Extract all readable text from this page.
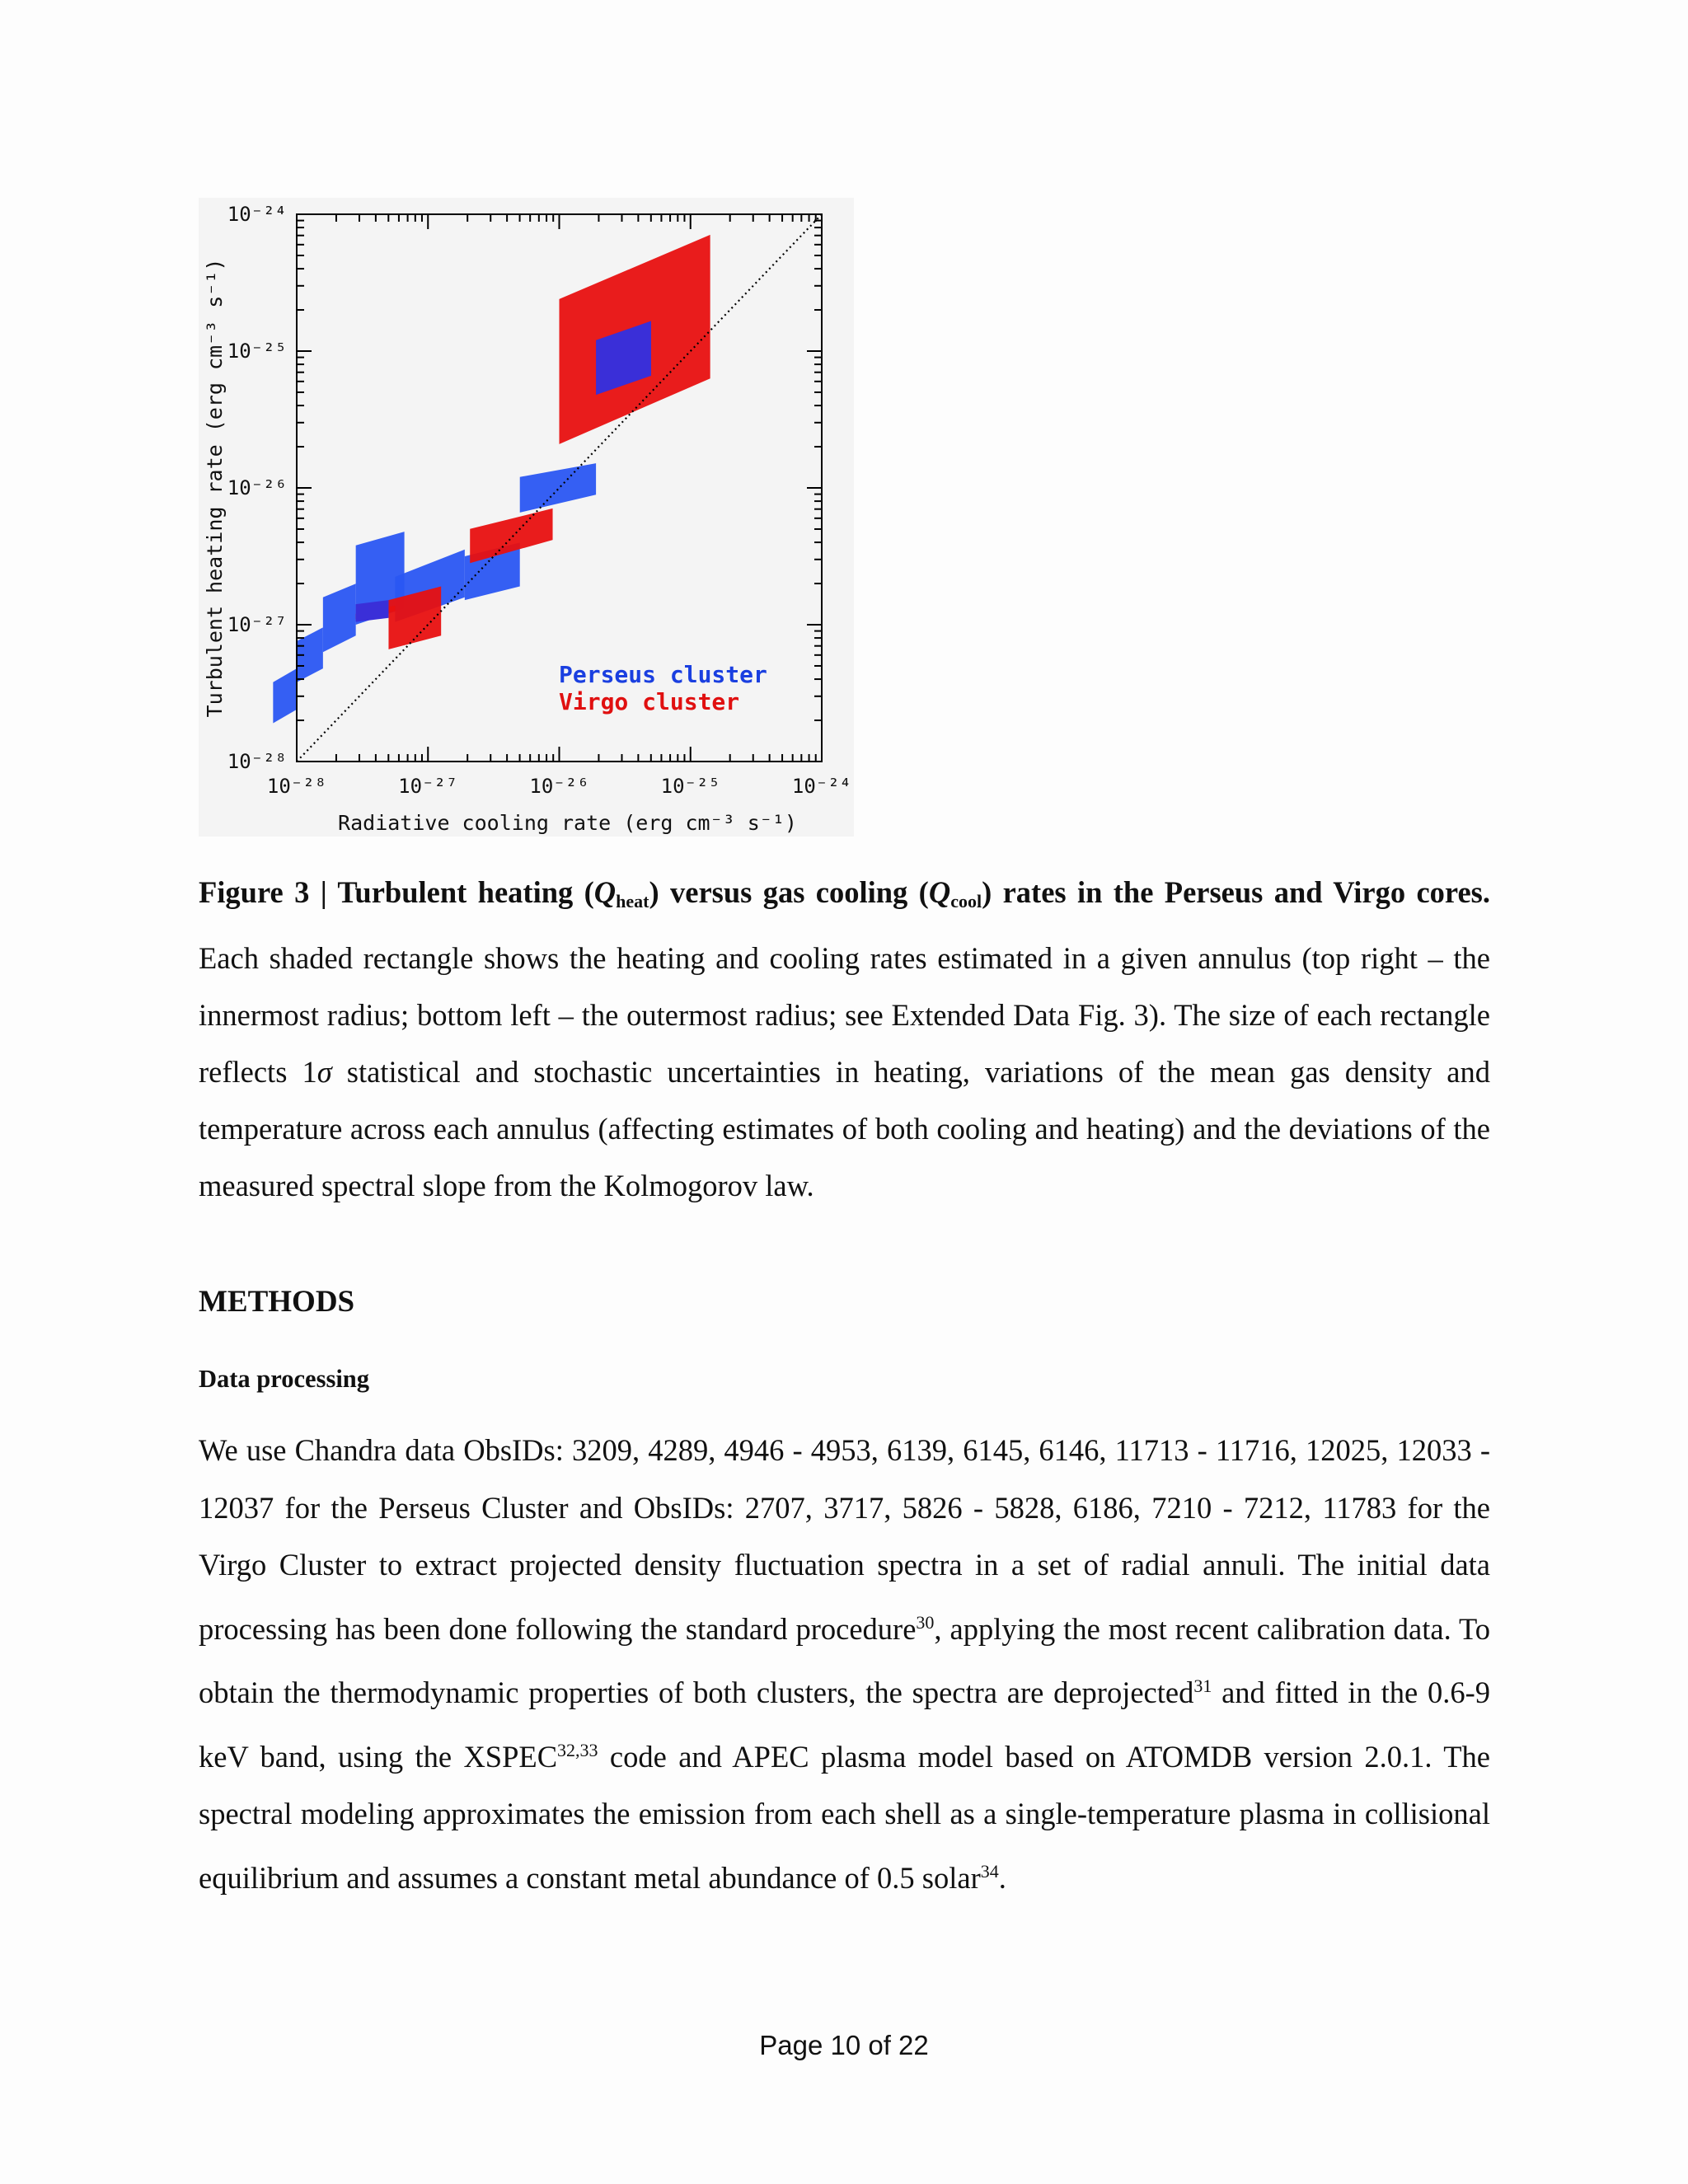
10⁻²⁸	10⁻²⁷	10⁻²⁶	10⁻²⁵	10⁻²⁴
10⁻²⁸
10⁻²⁷
10⁻²⁶
10⁻²⁵
10⁻²⁴
Radiative cooling rate (erg cm⁻³ s⁻¹)
Turbulent heating rate (erg cm⁻³ s⁻¹)	Perseus cluster
Virgo cluster
Figure 3 | Turbulent heating $(Q_{heat})$ versus gas cooling $(Q_{cool})$ rates in the Perseus and Virgo cores. Each shaded rectangle shows the heating and cooling rates estimated in a given annulus (top right – the innermost radius; bottom left – the outermost radius; see Extended Data Fig. 3). The size of each rectangle reflects 1σ statistical and stochastic uncertainties in heating, variations of the mean gas density and temperature across each annulus (affecting estimates of both cooling and heating) and the deviations of the measured spectral slope from the Kolmogorov law.
METHODS
Data processing
We use Chandra data ObsIDs: 3209, 4289, 4946 - 4953, 6139, 6145, 6146, 11713 - 11716, 12025, 12033 - 12037 for the Perseus Cluster and ObsIDs: 2707, 3717, 5826 - 5828, 6186, 7210 - 7212, 11783 for the Virgo Cluster to extract projected density fluctuation spectra in a set of radial annuli. The initial data processing has been done following the standard procedure$^{30}$, applying the most recent calibration data. To obtain the thermodynamic properties of both clusters, the spectra are deprojected$^{31}$ and fitted in the 0.6-9 keV band, using the XSPEC$^{32,33}$ code and APEC plasma model based on ATOMDB version 2.0.1. The spectral modeling approximates the emission from each shell as a single-temperature plasma in collisional equilibrium and assumes a constant metal abundance of 0.5 solar$^{34}$.
Page 10 of 22
